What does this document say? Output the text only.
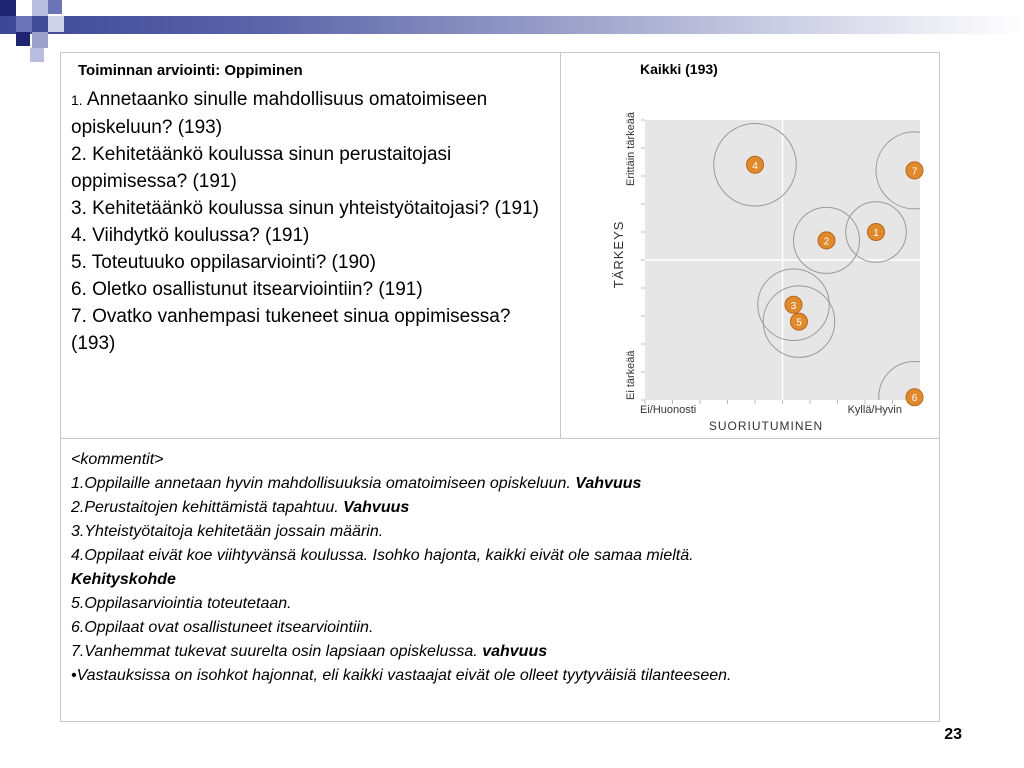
Toiminnan arviointi: Oppiminen
1. Annetaanko sinulle mahdollisuus omatoimiseen opiskeluun? (193)
2. Kehitetäänkö koulussa sinun perustaitojasi oppimisessa? (191)
3. Kehitetäänkö koulussa sinun yhteistyötaitojasi? (191)
4. Viihdytkö koulussa? (191)
5. Toteutuuko oppilasarviointi? (190)
6. Oletko osallistunut itsearviointiin? (191)
7. Ovatko vanhempasi tukeneet sinua oppimisessa? (193)
Kaikki (193)
1
2
3
4
5
6
7
Ei/Huonosti	Kyllä/Hyvin
SUORIUTUMINEN
Ei tärkeää
Erittäin tärkeää
TÄRKEYS
<kommentit>
1.Oppilaille annetaan hyvin mahdollisuuksia omatoimiseen opiskeluun. Vahvuus
2.Perustaitojen kehittämistä tapahtuu. Vahvuus
3.Yhteistyötaitoja kehitetään jossain määrin.
4.Oppilaat eivät koe viihtyvänsä koulussa. Isohko hajonta, kaikki eivät ole samaa mieltä.
Kehityskohde
5.Oppilasarviointia toteutetaan.
6.Oppilaat ovat osallistuneet itsearviointiin.
7.Vanhemmat tukevat suurelta osin lapsiaan opiskelussa. vahvuus
•Vastauksissa on isohkot hajonnat, eli kaikki vastaajat eivät ole olleet tyytyväisiä tilanteeseen.
23
